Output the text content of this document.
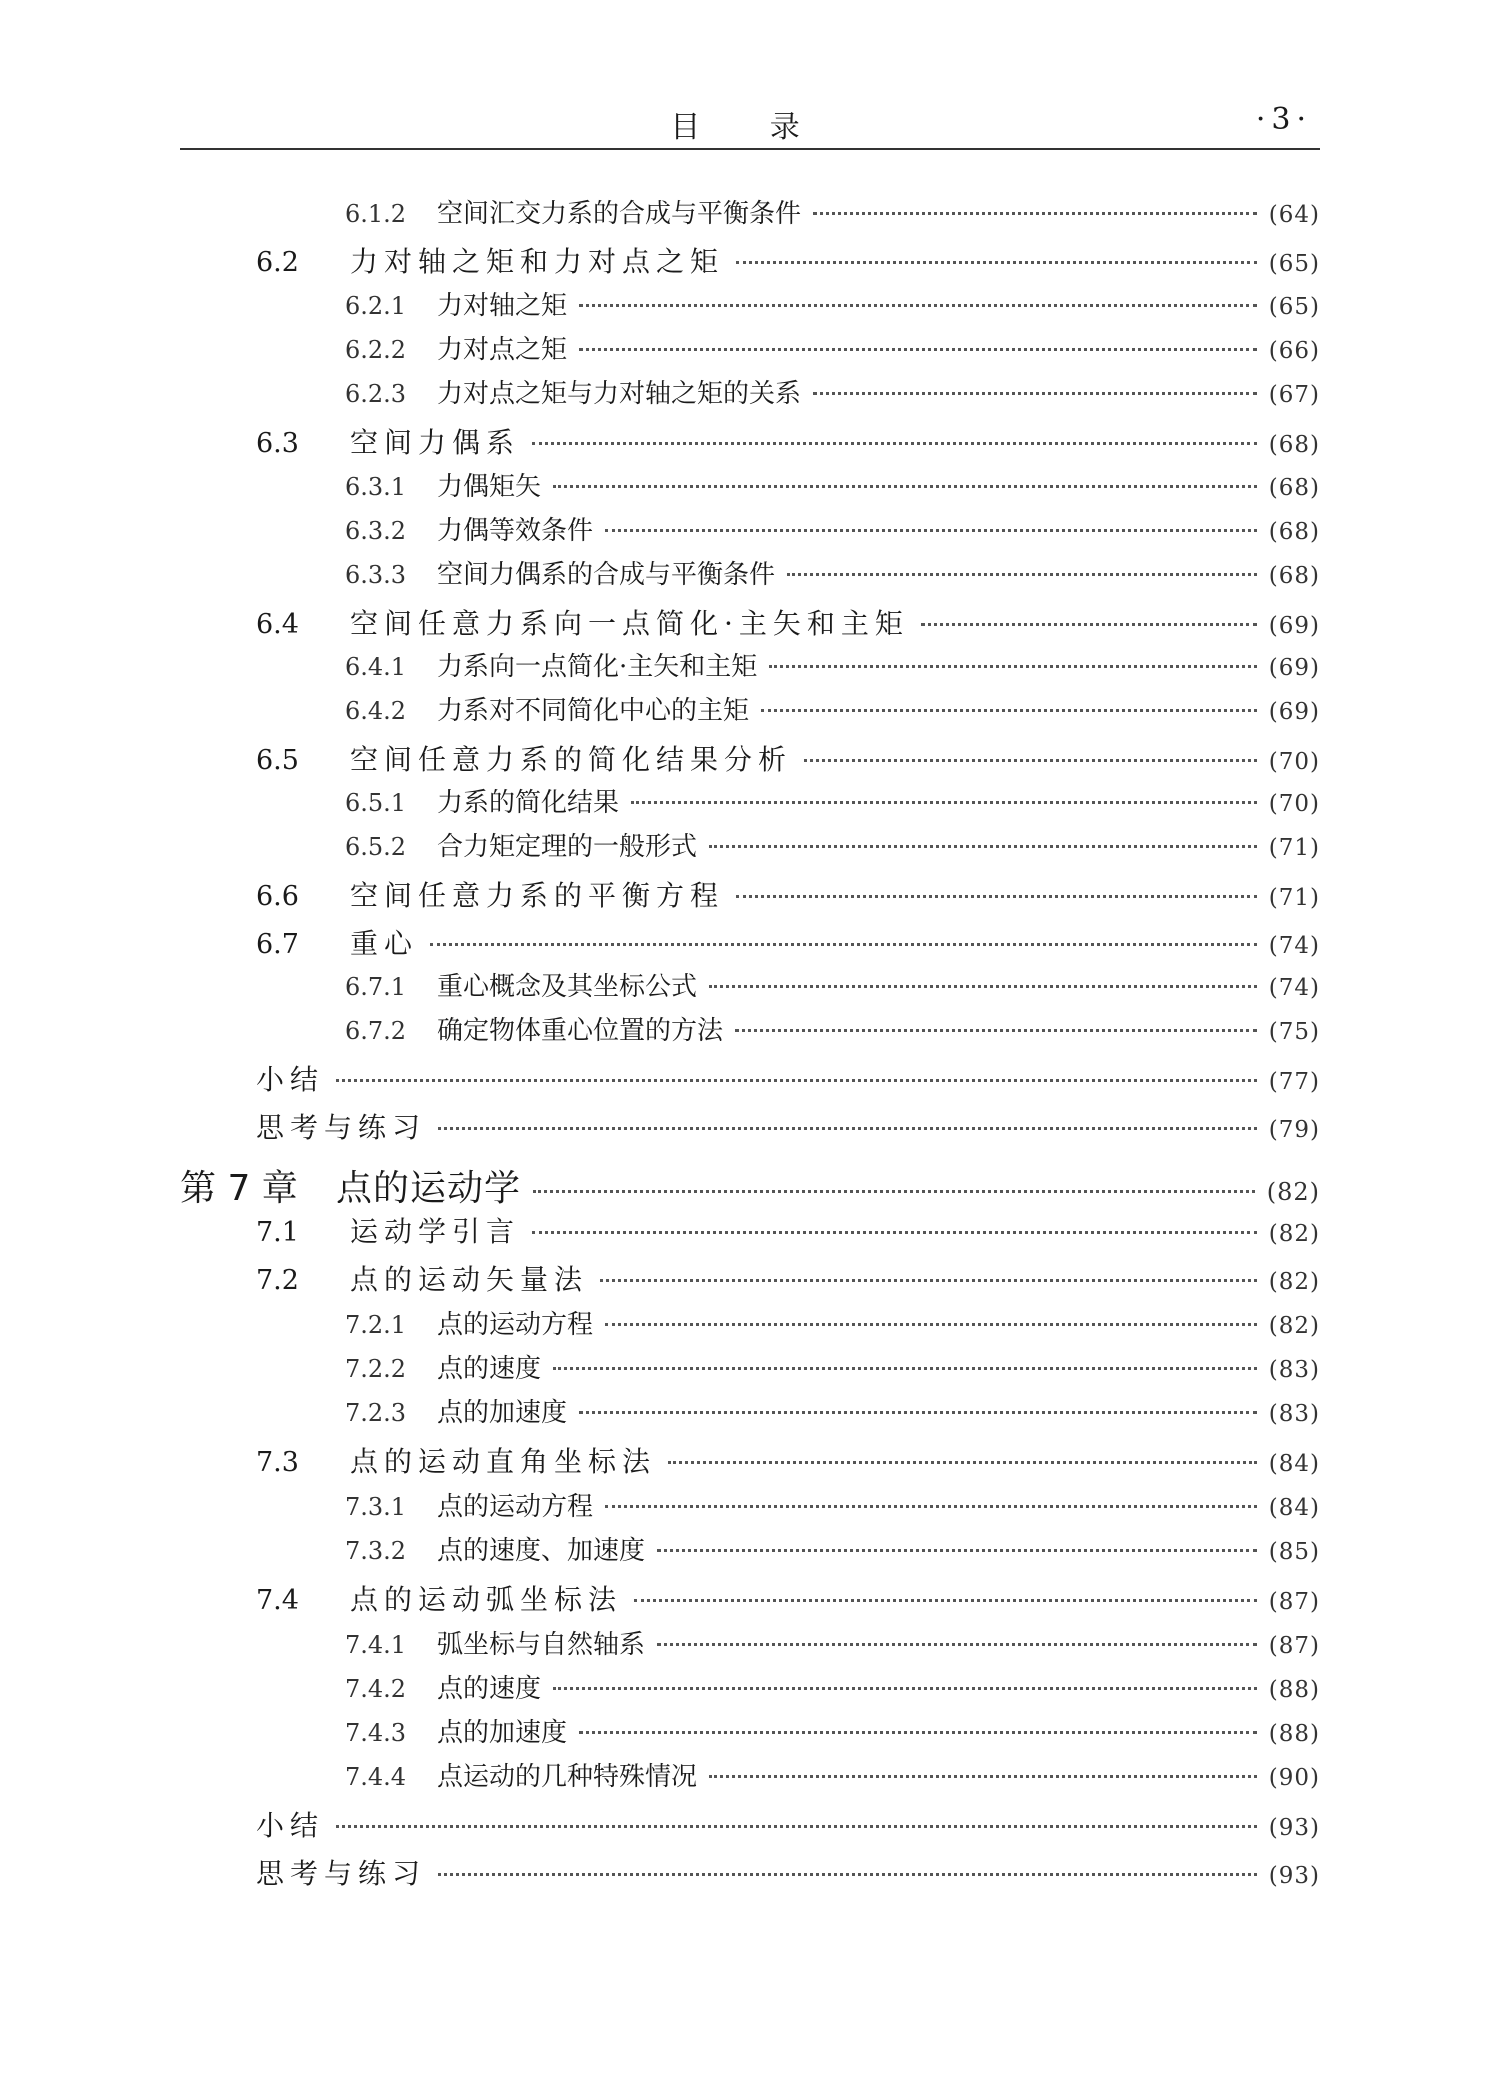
目 录	·3·
6.1.2	空间汇交力系的合成与平衡条件	(64)
6.2	力对轴之矩和力对点之矩	(65)
6.2.1	力对轴之矩	(65)
6.2.2	力对点之矩	(66)
6.2.3	力对点之矩与力对轴之矩的关系	(67)
6.3	空间力偶系	(68)
6.3.1	力偶矩矢	(68)
6.3.2	力偶等效条件	(68)
6.3.3	空间力偶系的合成与平衡条件	(68)
6.4	空间任意力系向一点简化·主矢和主矩	(69)
6.4.1	力系向一点简化·主矢和主矩	(69)
6.4.2	力系对不同简化中心的主矩	(69)
6.5	空间任意力系的简化结果分析	(70)
6.5.1	力系的简化结果	(70)
6.5.2	合力矩定理的一般形式	(71)
6.6	空间任意力系的平衡方程	(71)
6.7	重心	(74)
6.7.1	重心概念及其坐标公式	(74)
6.7.2	确定物体重心位置的方法	(75)
小结	(77)
思考与练习	(79)
第 7 章	点的运动学	(82)
7.1	运动学引言	(82)
7.2	点的运动矢量法	(82)
7.2.1	点的运动方程	(82)
7.2.2	点的速度	(83)
7.2.3	点的加速度	(83)
7.3	点的运动直角坐标法	(84)
7.3.1	点的运动方程	(84)
7.3.2	点的速度、加速度	(85)
7.4	点的运动弧坐标法	(87)
7.4.1	弧坐标与自然轴系	(87)
7.4.2	点的速度	(88)
7.4.3	点的加速度	(88)
7.4.4	点运动的几种特殊情况	(90)
小结	(93)
思考与练习	(93)
